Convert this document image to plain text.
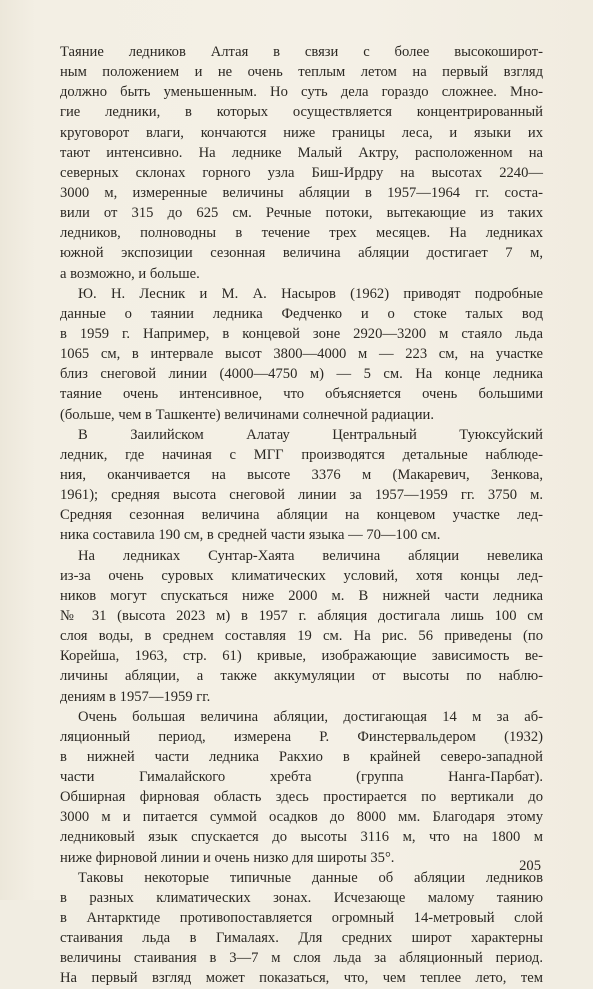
Таяние ледников Алтая в связи с более высокоширот-
ным положением и не очень теплым летом на первый взгляд
должно быть уменьшенным. Но суть дела гораздо сложнее. Мно-
гие ледники, в которых осуществляется концентрированный
круговорот влаги, кончаются ниже границы леса, и языки их
тают интенсивно. На леднике Малый Актру, расположенном на
северных склонах горного узла Биш-Ирдру на высотах 2240—
3000 м, измеренные величины абляции в 1957—1964 гг. соста-
вили от 315 до 625 см. Речные потоки, вытекающие из таких
ледников, полноводны в течение трех месяцев. На ледниках
южной экспозиции сезонная величина абляции достигает 7 м,
а возможно, и больше.
Ю. Н. Лесник и М. А. Насыров (1962) приводят подробные
данные о таянии ледника Федченко и о стоке талых вод
в 1959 г. Например, в концевой зоне 2920—3200 м стаяло льда
1065 см, в интервале высот 3800—4000 м — 223 см, на участке
близ снеговой линии (4000—4750 м) — 5 см. На конце ледника
таяние очень интенсивное, что объясняется очень большими
(больше, чем в Ташкенте) величинами солнечной радиации.
В Заилийском Алатау Центральный Туюксуйский
ледник, где начиная с МГГ производятся детальные наблюде-
ния, оканчивается на высоте 3376 м (Макаревич, Зенкова,
1961); средняя высота снеговой линии за 1957—1959 гг. 3750 м.
Средняя сезонная величина абляции на концевом участке лед-
ника составила 190 см, в средней части языка — 70—100 см.
На ледниках Сунтар-Хаята величина абляции невелика
из-за очень суровых климатических условий, хотя концы лед-
ников могут спускаться ниже 2000 м. В нижней части ледника
№ 31 (высота 2023 м) в 1957 г. абляция достигала лишь 100 см
слоя воды, в среднем составляя 19 см. На рис. 56 приведены (по
Корейша, 1963, стр. 61) кривые, изображающие зависимость ве-
личины абляции, а также аккумуляции от высоты по наблю-
дениям в 1957—1959 гг.
Очень большая величина абляции, достигающая 14 м за аб-
ляционный период, измерена Р. Финстервальдером (1932)
в нижней части ледника Ракхио в крайней северо-западной
части Гималайского хребта (группа Нанга-Парбат).
Обширная фирновая область здесь простирается по вертикали до
3000 м и питается суммой осадков до 8000 мм. Благодаря этому
ледниковый язык спускается до высоты 3116 м, что на 1800 м
ниже фирновой линии и очень низко для широты 35°.
Таковы некоторые типичные данные об абляции ледников
в разных климатических зонах. Исчезающе малому таянию
в Антарктиде противопоставляется огромный 14-метровый слой
стаивания льда в Гималаях. Для средних широт характерны
величины стаивания в 3—7 м слоя льда за абляционный период.
На первый взгляд может показаться, что, чем теплее лето, тем
205
